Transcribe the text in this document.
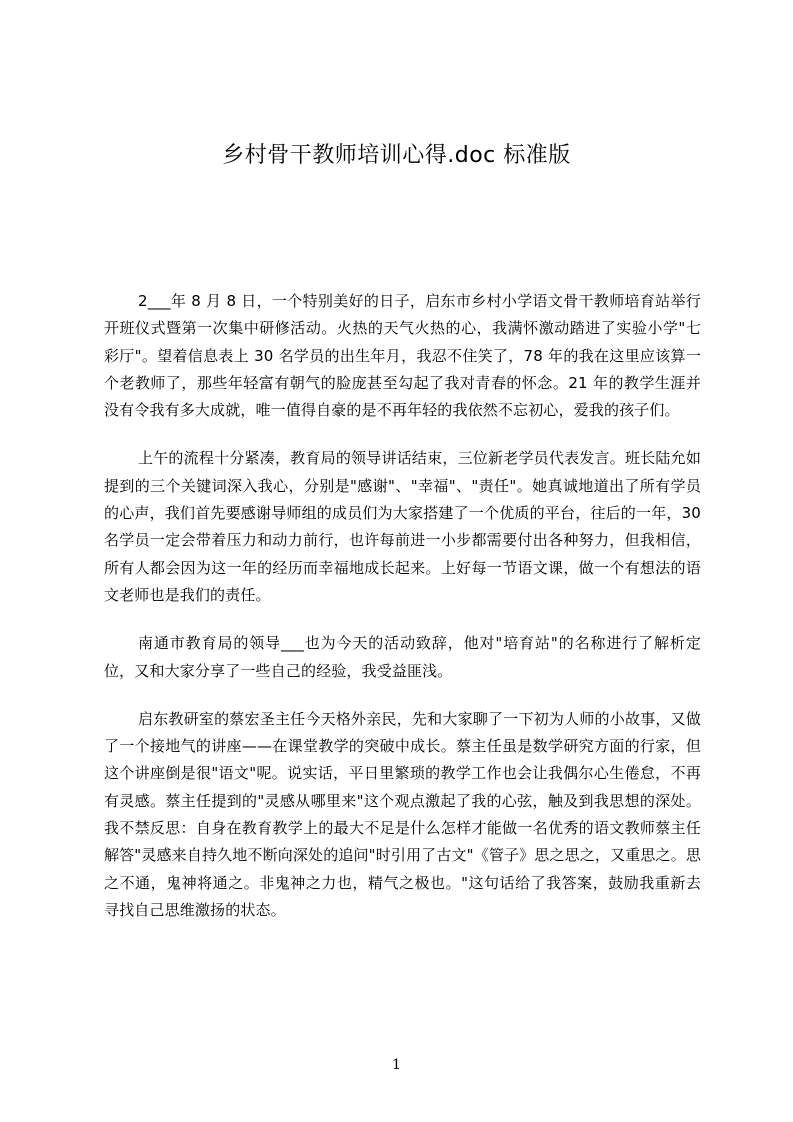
乡村骨干教师培训心得.doc 标准版

2___年 8 月 8 日，一个特别美好的日子，启东市乡村小学语文骨干教师培育站举行开班仪式暨第一次集中研修活动。火热的天气火热的心，我满怀激动踏进了实验小学"七彩厅"。望着信息表上 30 名学员的出生年月，我忍不住笑了，78 年的我在这里应该算一个老教师了，那些年轻富有朝气的脸庞甚至勾起了我对青春的怀念。21 年的教学生涯并没有令我有多大成就，唯一值得自豪的是不再年轻的我依然不忘初心，爱我的孩子们。

上午的流程十分紧凑，教育局的领导讲话结束，三位新老学员代表发言。班长陆允如提到的三个关键词深入我心，分别是"感谢"、"幸福"、"责任"。她真诚地道出了所有学员的心声，我们首先要感谢导师组的成员们为大家搭建了一个优质的平台，往后的一年，30 名学员一定会带着压力和动力前行，也许每前进一小步都需要付出各种努力，但我相信，所有人都会因为这一年的经历而幸福地成长起来。上好每一节语文课，做一个有想法的语文老师也是我们的责任。

南通市教育局的领导___也为今天的活动致辞，他对"培育站"的名称进行了解析定位，又和大家分享了一些自己的经验，我受益匪浅。

启东教研室的蔡宏圣主任今天格外亲民，先和大家聊了一下初为人师的小故事，又做了一个接地气的讲座——在课堂教学的突破中成长。蔡主任虽是数学研究方面的行家，但这个讲座倒是很"语文"呢。说实话，平日里繁琐的教学工作也会让我偶尔心生倦怠，不再有灵感。蔡主任提到的"灵感从哪里来"这个观点激起了我的心弦，触及到我思想的深处。我不禁反思：自身在教育教学上的最大不足是什么怎样才能做一名优秀的语文教师蔡主任解答"灵感来自持久地不断向深处的追问"时引用了古文"《管子》思之思之，又重思之。思之不通，鬼神将通之。非鬼神之力也，精气之极也。"这句话给了我答案，鼓励我重新去寻找自己思维激扬的状态。

1
